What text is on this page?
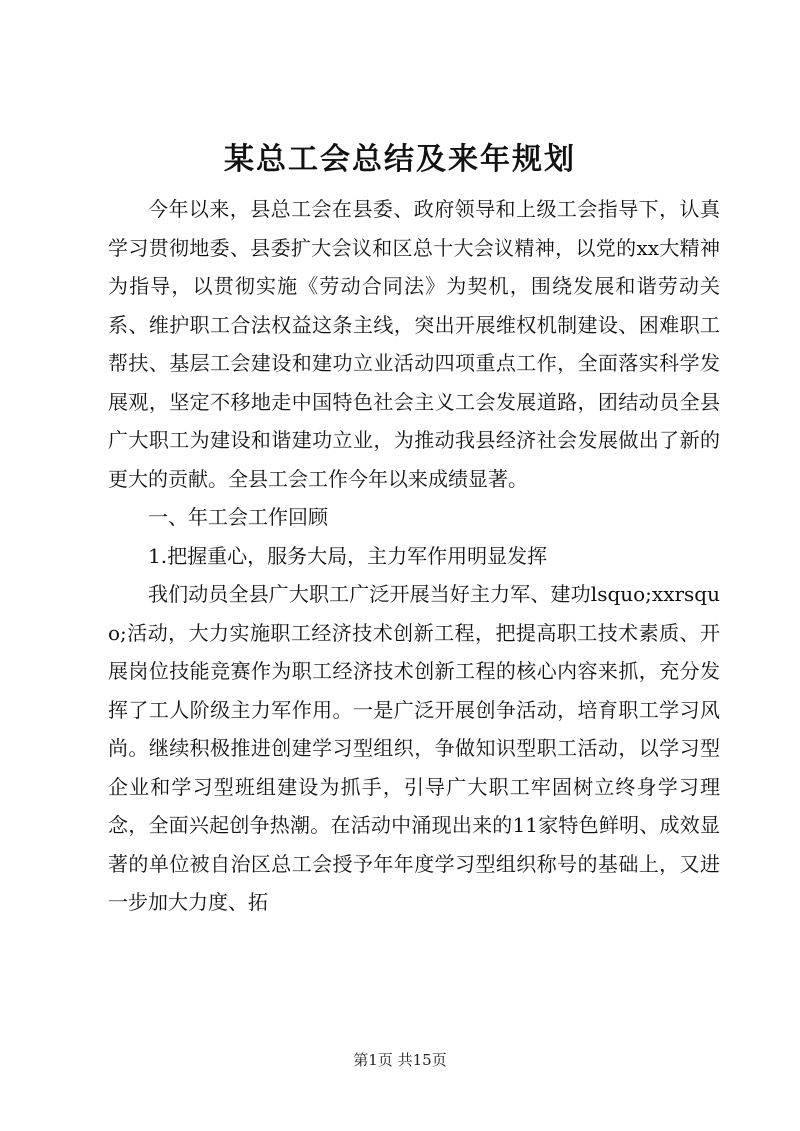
某总工会总结及来年规划

今年以来，县总工会在县委、政府领导和上级工会指导下，认真学习贯彻地委、县委扩大会议和区总十大会议精神，以党的xx大精神为指导，以贯彻实施《劳动合同法》为契机，围绕发展和谐劳动关系、维护职工合法权益这条主线，突出开展维权机制建设、困难职工帮扶、基层工会建设和建功立业活动四项重点工作，全面落实科学发展观，坚定不移地走中国特色社会主义工会发展道路，团结动员全县广大职工为建设和谐建功立业，为推动我县经济社会发展做出了新的更大的贡献。全县工会工作今年以来成绩显著。

一、年工会工作回顾

1.把握重心，服务大局，主力军作用明显发挥

我们动员全县广大职工广泛开展当好主力军、建功lsquo;xxrsquo;活动，大力实施职工经济技术创新工程，把提高职工技术素质、开展岗位技能竞赛作为职工经济技术创新工程的核心内容来抓，充分发挥了工人阶级主力军作用。一是广泛开展创争活动，培育职工学习风尚。继续积极推进创建学习型组织，争做知识型职工活动，以学习型企业和学习型班组建设为抓手，引导广大职工牢固树立终身学习理念，全面兴起创争热潮。在活动中涌现出来的11家特色鲜明、成效显著的单位被自治区总工会授予年年度学习型组织称号的基础上，又进一步加大力度、拓

第1页 共15页
